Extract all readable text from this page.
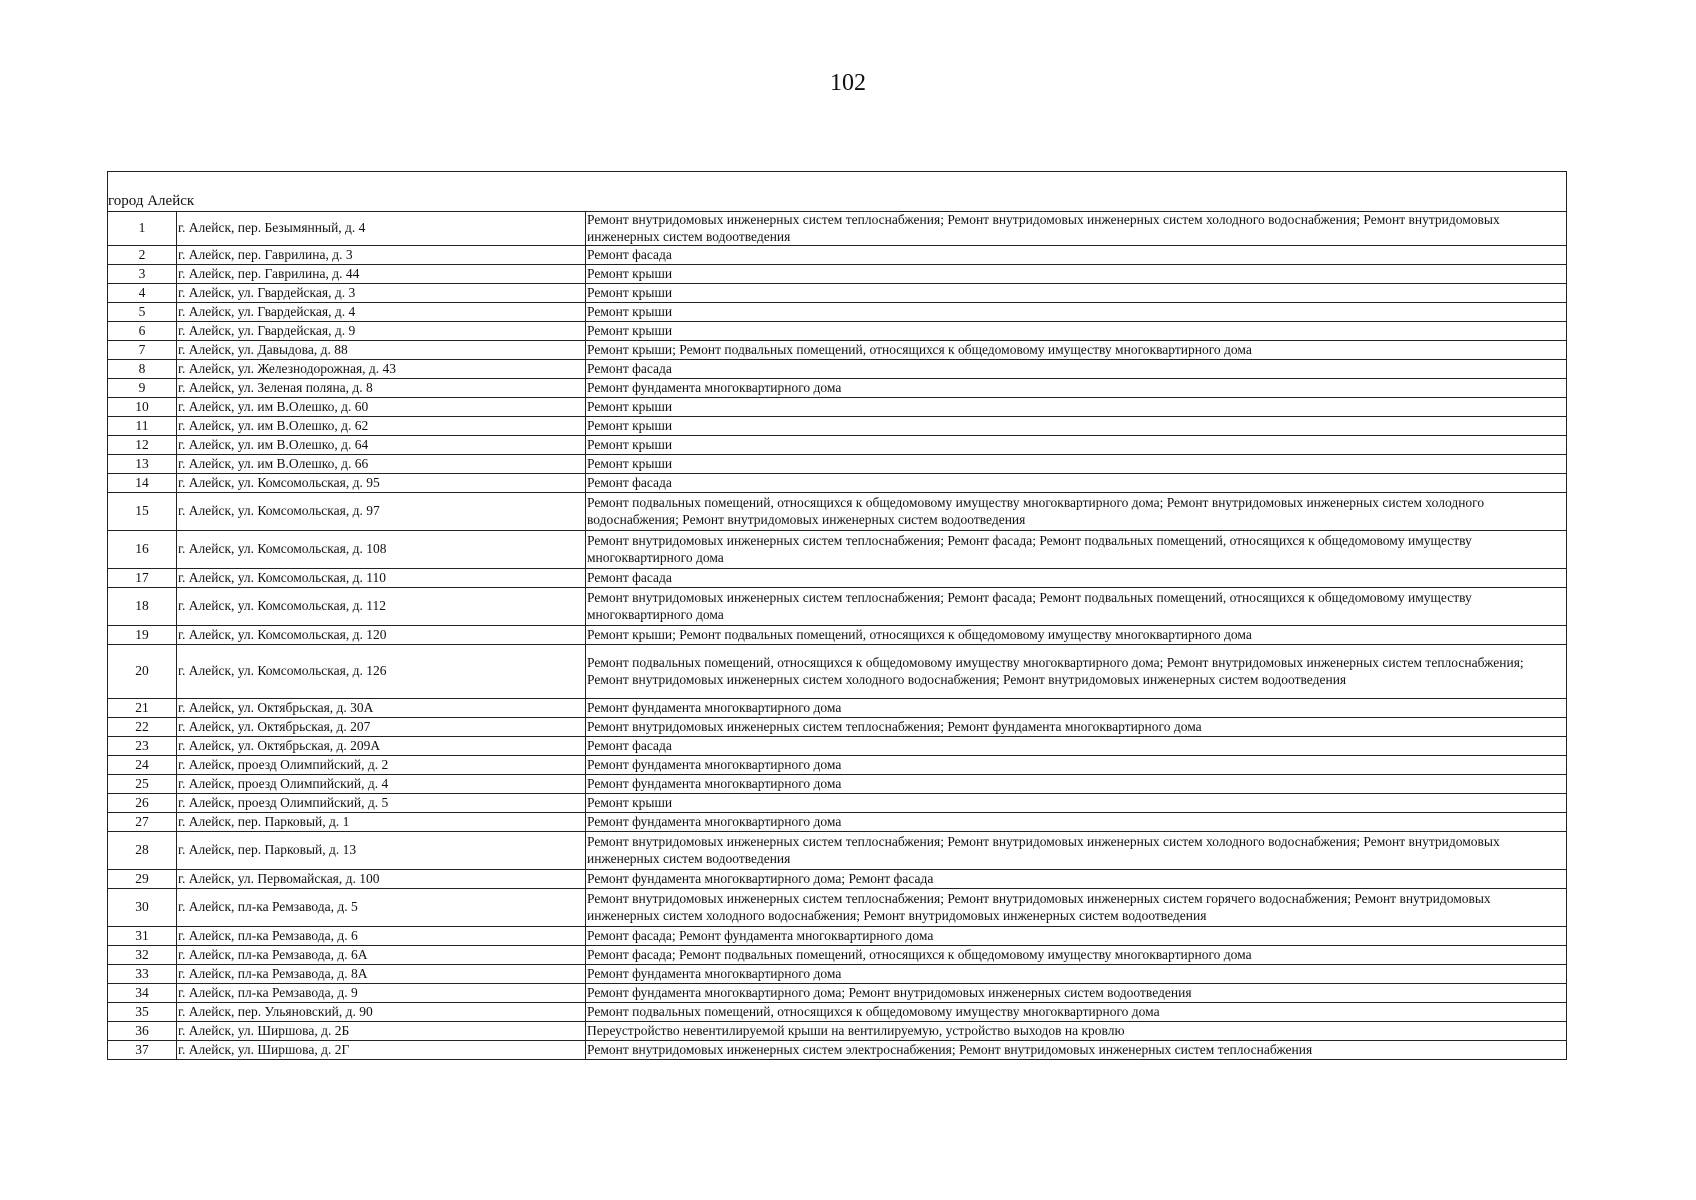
102
город Алейск
1	г. Алейск, пер. Безымянный, д. 4	Ремонт внутридомовых инженерных систем теплоснабжения; Ремонт внутридомовых инженерных систем холодного водоснабжения; Ремонт внутридомовых инженерных систем водоотведения
2	г. Алейск, пер. Гаврилина, д. 3	Ремонт фасада
3	г. Алейск, пер. Гаврилина, д. 44	Ремонт крыши
4	г. Алейск, ул. Гвардейская, д. 3	Ремонт крыши
5	г. Алейск, ул. Гвардейская, д. 4	Ремонт крыши
6	г. Алейск, ул. Гвардейская, д. 9	Ремонт крыши
7	г. Алейск, ул. Давыдова, д. 88	Ремонт крыши; Ремонт подвальных помещений, относящихся к общедомовому имуществу многоквартирного дома
8	г. Алейск, ул. Железнодорожная, д. 43	Ремонт фасада
9	г. Алейск, ул. Зеленая поляна, д. 8	Ремонт фундамента многоквартирного дома
10	г. Алейск, ул. им В.Олешко, д. 60	Ремонт крыши
11	г. Алейск, ул. им В.Олешко, д. 62	Ремонт крыши
12	г. Алейск, ул. им В.Олешко, д. 64	Ремонт крыши
13	г. Алейск, ул. им В.Олешко, д. 66	Ремонт крыши
14	г. Алейск, ул. Комсомольская, д. 95	Ремонт фасада
15	г. Алейск, ул. Комсомольская, д. 97	Ремонт подвальных помещений, относящихся к общедомовому имуществу многоквартирного дома; Ремонт внутридомовых инженерных систем холодного водоснабжения; Ремонт внутридомовых инженерных систем водоотведения
16	г. Алейск, ул. Комсомольская, д. 108	Ремонт внутридомовых инженерных систем теплоснабжения; Ремонт фасада; Ремонт подвальных помещений, относящихся к общедомовому имуществу многоквартирного дома
17	г. Алейск, ул. Комсомольская, д. 110	Ремонт фасада
18	г. Алейск, ул. Комсомольская, д. 112	Ремонт внутридомовых инженерных систем теплоснабжения; Ремонт фасада; Ремонт подвальных помещений, относящихся к общедомовому имуществу многоквартирного дома
19	г. Алейск, ул. Комсомольская, д. 120	Ремонт крыши; Ремонт подвальных помещений, относящихся к общедомовому имуществу многоквартирного дома
20	г. Алейск, ул. Комсомольская, д. 126	Ремонт подвальных помещений, относящихся к общедомовому имуществу многоквартирного дома; Ремонт внутридомовых инженерных систем теплоснабжения; Ремонт внутридомовых инженерных систем холодного водоснабжения; Ремонт внутридомовых инженерных систем водоотведения
21	г. Алейск, ул. Октябрьская, д. 30А	Ремонт фундамента многоквартирного дома
22	г. Алейск, ул. Октябрьская, д. 207	Ремонт внутридомовых инженерных систем теплоснабжения; Ремонт фундамента многоквартирного дома
23	г. Алейск, ул. Октябрьская, д. 209А	Ремонт фасада
24	г. Алейск, проезд Олимпийский, д. 2	Ремонт фундамента многоквартирного дома
25	г. Алейск, проезд Олимпийский, д. 4	Ремонт фундамента многоквартирного дома
26	г. Алейск, проезд Олимпийский, д. 5	Ремонт крыши
27	г. Алейск, пер. Парковый, д. 1	Ремонт фундамента многоквартирного дома
28	г. Алейск, пер. Парковый, д. 13	Ремонт внутридомовых инженерных систем теплоснабжения; Ремонт внутридомовых инженерных систем холодного водоснабжения; Ремонт внутридомовых инженерных систем водоотведения
29	г. Алейск, ул. Первомайская, д. 100	Ремонт фундамента многоквартирного дома; Ремонт фасада
30	г. Алейск, пл-ка Ремзавода, д. 5	Ремонт внутридомовых инженерных систем теплоснабжения; Ремонт внутридомовых инженерных систем горячего водоснабжения; Ремонт внутридомовых инженерных систем холодного водоснабжения; Ремонт внутридомовых инженерных систем водоотведения
31	г. Алейск, пл-ка Ремзавода, д. 6	Ремонт фасада; Ремонт фундамента многоквартирного дома
32	г. Алейск, пл-ка Ремзавода, д. 6А	Ремонт фасада; Ремонт подвальных помещений, относящихся к общедомовому имуществу многоквартирного дома
33	г. Алейск, пл-ка Ремзавода, д. 8А	Ремонт фундамента многоквартирного дома
34	г. Алейск, пл-ка Ремзавода, д. 9	Ремонт фундамента многоквартирного дома; Ремонт внутридомовых инженерных систем водоотведения
35	г. Алейск, пер. Ульяновский, д. 90	Ремонт подвальных помещений, относящихся к общедомовому имуществу многоквартирного дома
36	г. Алейск, ул. Ширшова, д. 2Б	Переустройство невентилируемой крыши на вентилируемую, устройство выходов на кровлю
37	г. Алейск, ул. Ширшова, д. 2Г	Ремонт внутридомовых инженерных систем электроснабжения; Ремонт внутридомовых инженерных систем теплоснабжения
